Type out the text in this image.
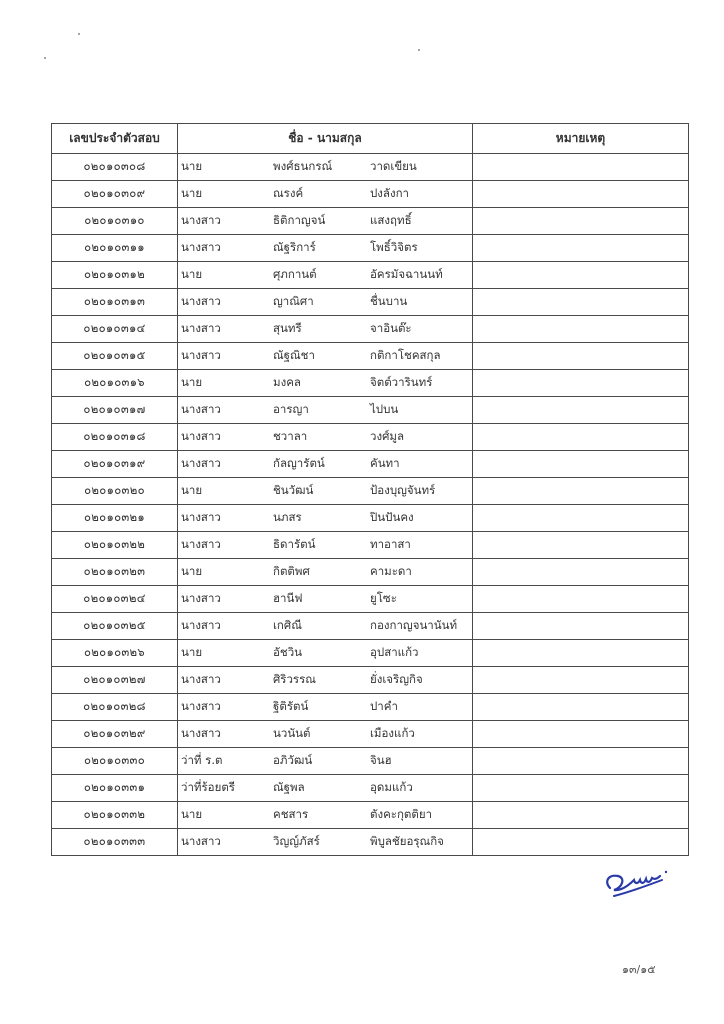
เลขประจำตัวสอบ	ชื่อ - นามสกุล	หมายเหตุ
๐๒๐๑๐๓๐๘	นาย พงศ์ธนกรณ์ วาดเขียน	

๐๒๐๑๐๓๐๙	นาย ณรงค์ ปงลังกา	

๐๒๐๑๐๓๑๐	นางสาว ธิติกาญจน์ แสงฤทธิ์	

๐๒๐๑๐๓๑๑	นางสาว ณัฐริการ์ โพธิ์วิจิตร	

๐๒๐๑๐๓๑๒	นาย ศุภกานต์ อัครมัจฉานนท์	

๐๒๐๑๐๓๑๓	นางสาว ญาณิศา ชื่นบาน	

๐๒๐๑๐๓๑๔	นางสาว สุนทรี จาอินต๊ะ	

๐๒๐๑๐๓๑๕	นางสาว ณัฐณิชา กติกาโชคสกุล	

๐๒๐๑๐๓๑๖	นาย มงคล จิตต์วารินทร์	

๐๒๐๑๐๓๑๗	นางสาว อารญา ไปบน	

๐๒๐๑๐๓๑๘	นางสาว ชวาลา วงศ์มูล	

๐๒๐๑๐๓๑๙	นางสาว กัลญารัตน์ คันทา	

๐๒๐๑๐๓๒๐	นาย ชินวัฒน์ ป้องบุญจันทร์	

๐๒๐๑๐๓๒๑	นางสาว นภสร ปินปันคง	

๐๒๐๑๐๓๒๒	นางสาว ธิดารัตน์ ทาอาสา	

๐๒๐๑๐๓๒๓	นาย กิตติพศ คามะดา	

๐๒๐๑๐๓๒๔	นางสาว ฮานีฟ ยูโซะ	

๐๒๐๑๐๓๒๕	นางสาว เกศิณี กองกาญจนานันท์	

๐๒๐๑๐๓๒๖	นาย อัชวิน อุปสาแก้ว	

๐๒๐๑๐๓๒๗	นางสาว ศิริวรรณ ยั่งเจริญกิจ	

๐๒๐๑๐๓๒๘	นางสาว ฐิติรัตน์ ปาคำ	

๐๒๐๑๐๓๒๙	นางสาว นวนันต์ เมืองแก้ว	

๐๒๐๑๐๓๓๐	ว่าที่ ร.ต อภิวัฒน์ จินฮ	

๐๒๐๑๐๓๓๑	ว่าที่ร้อยตรี ณัฐพล อุดมแก้ว	

๐๒๐๑๐๓๓๒	นาย คชสาร ตังคะกุตติยา	

๐๒๐๑๐๓๓๓	นางสาว วิญญ์ภัสร์ พิบูลชัยอรุณกิจ	

๑๓/๑๕
